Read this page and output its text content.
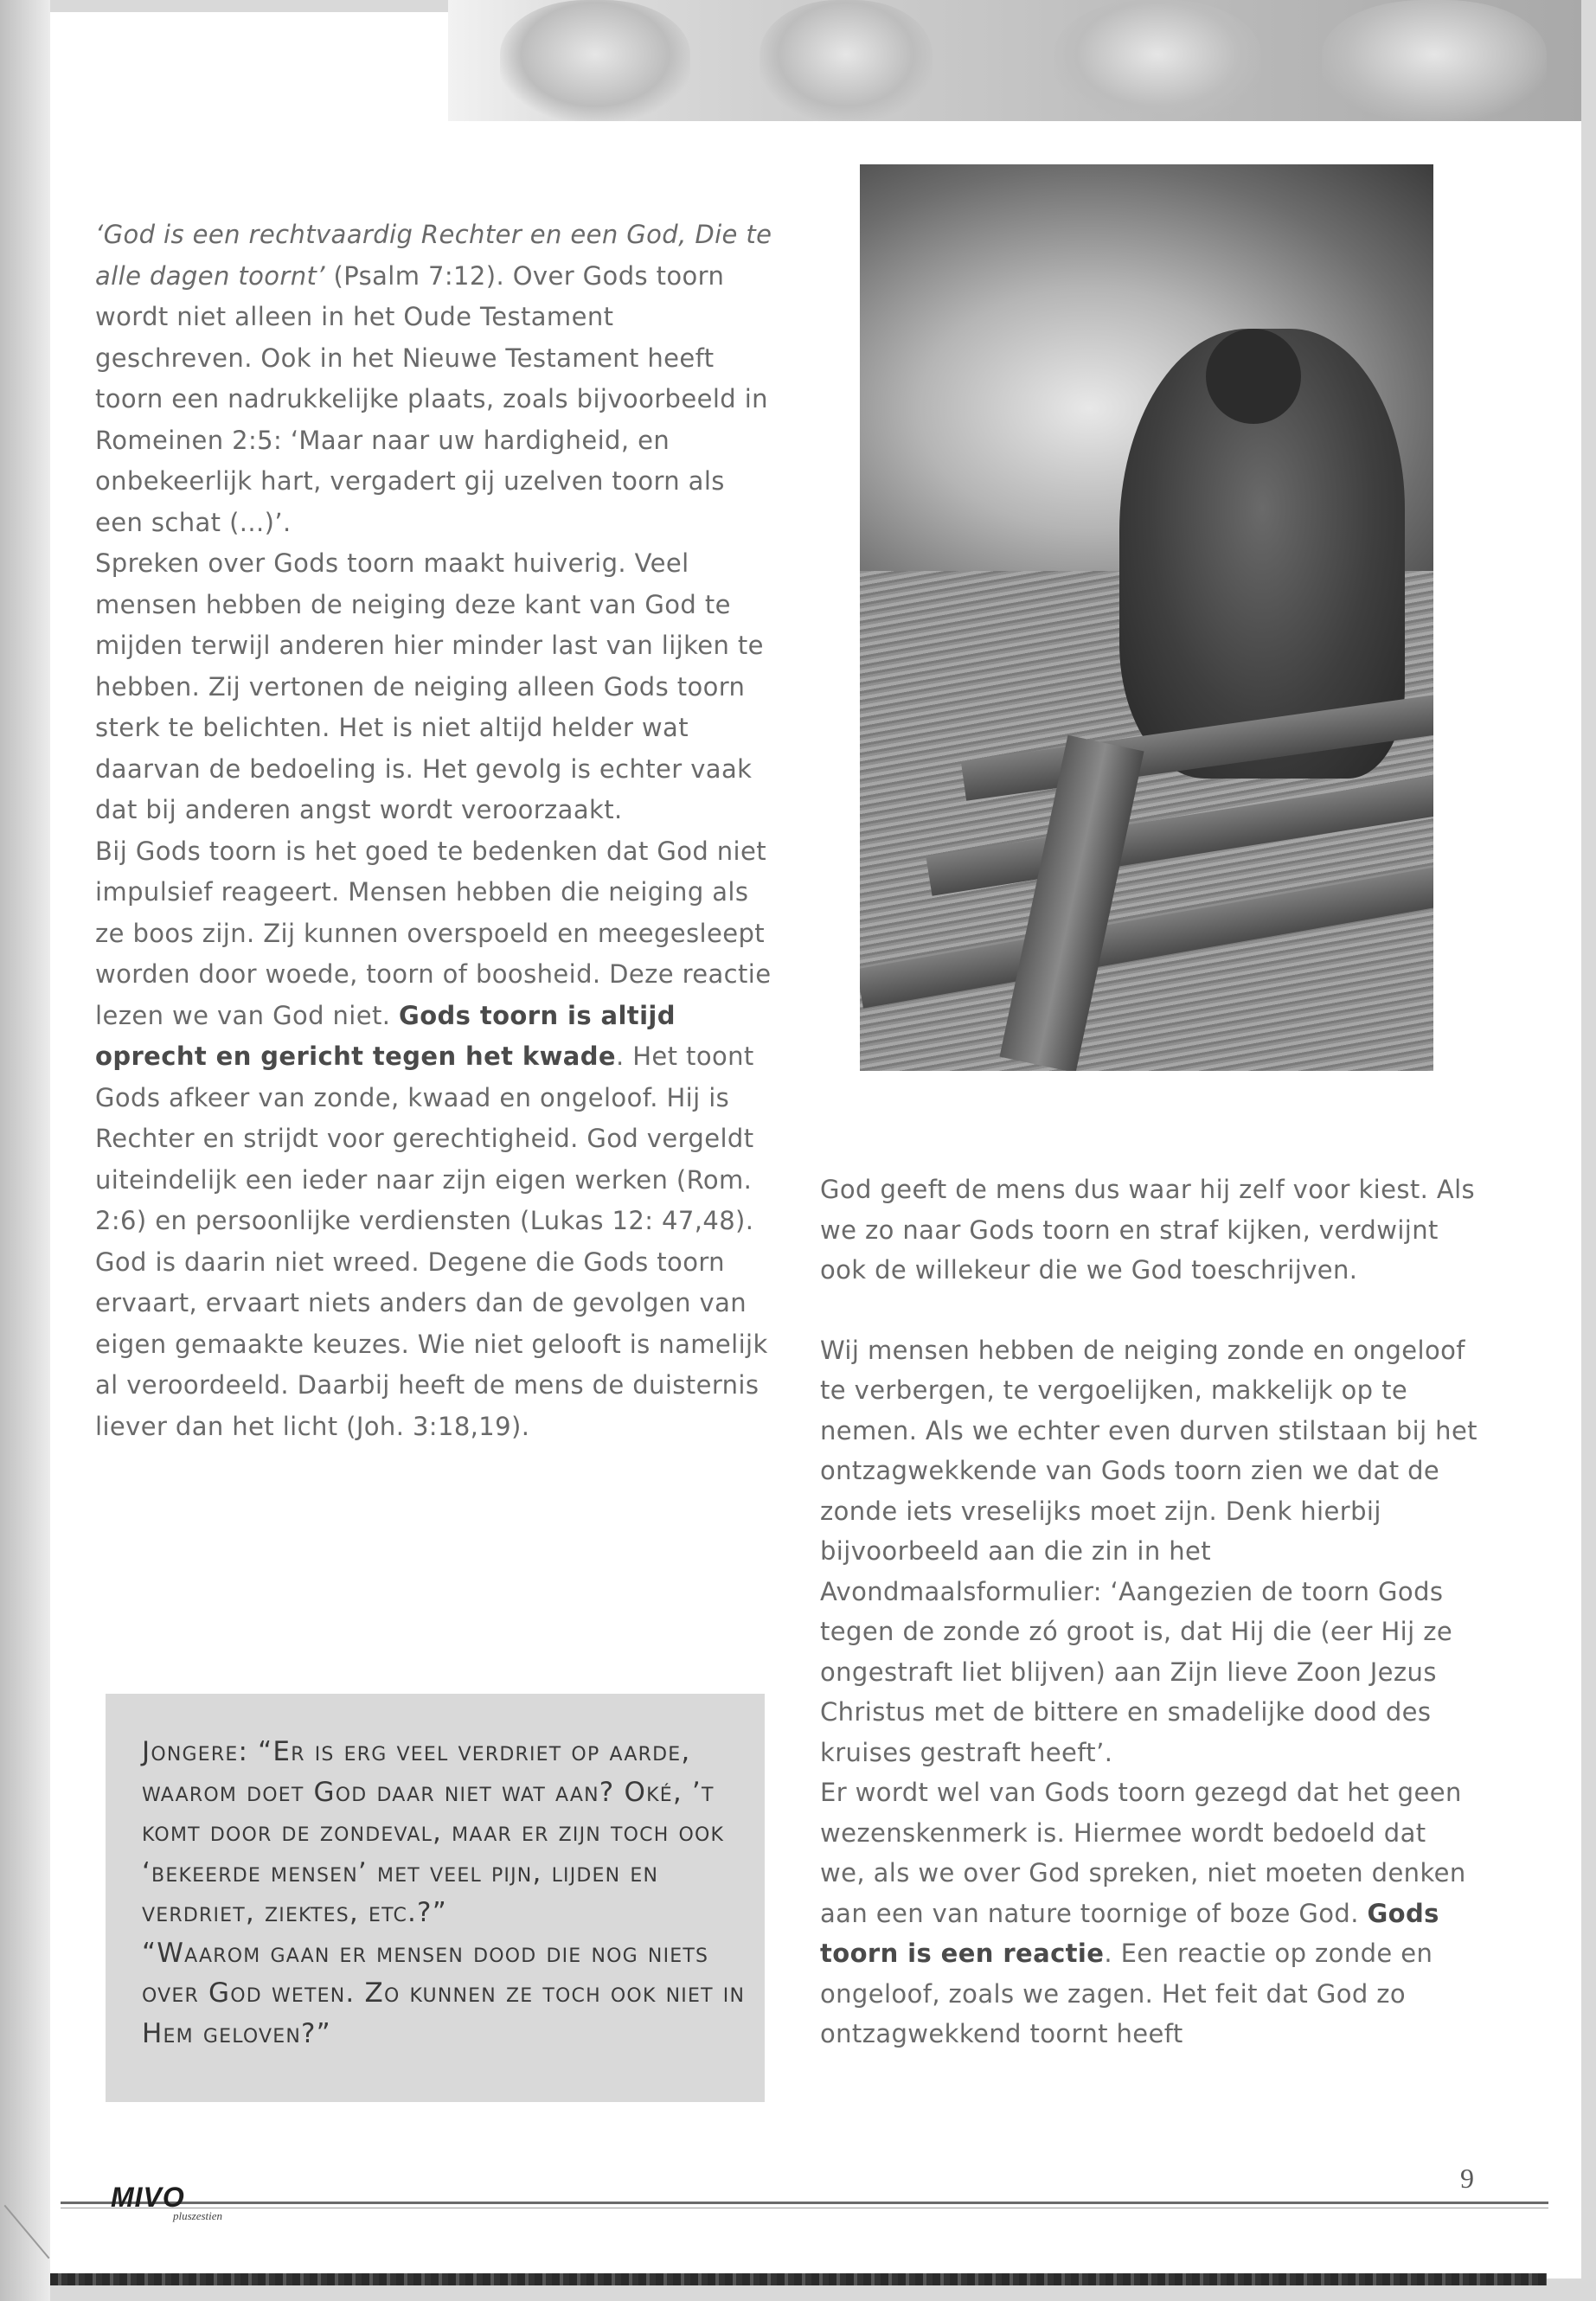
‘God is een rechtvaardig Rechter en een God, Die te alle dagen toornt’ (Psalm 7:12). Over Gods toorn wordt niet alleen in het Oude Testament geschreven. Ook in het Nieuwe Testament heeft toorn een nadrukkelijke plaats, zoals bijvoorbeeld in Romeinen 2:5: ‘Maar naar uw hardigheid, en onbekeerlijk hart, vergadert gij uzelven toorn als een schat (...)’.

Spreken over Gods toorn maakt huiverig. Veel mensen hebben de neiging deze kant van God te mijden terwijl anderen hier minder last van lijken te hebben. Zij vertonen de neiging alleen Gods toorn sterk te belichten. Het is niet altijd helder wat daarvan de bedoeling is. Het gevolg is echter vaak dat bij anderen angst wordt veroorzaakt.

Bij Gods toorn is het goed te bedenken dat God niet impulsief reageert. Mensen hebben die neiging als ze boos zijn. Zij kunnen overspoeld en meegesleept worden door woede, toorn of boosheid. Deze reactie lezen we van God niet. Gods toorn is altijd oprecht en gericht tegen het kwade. Het toont Gods afkeer van zonde, kwaad en ongeloof. Hij is Rechter en strijdt voor gerechtigheid. God vergeldt uiteindelijk een ieder naar zijn eigen werken (Rom. 2:6) en persoonlijke verdiensten (Lukas 12: 47,48). God is daarin niet wreed. Degene die Gods toorn ervaart, ervaart niets anders dan de gevolgen van eigen gemaakte keuzes. Wie niet gelooft is namelijk al veroordeeld. Daarbij heeft de mens de duisternis liever dan het licht (Joh. 3:18,19).

God geeft de mens dus waar hij zelf voor kiest. Als we zo naar Gods toorn en straf kijken, verdwijnt ook de willekeur die we God toeschrijven.

Wij mensen hebben de neiging zonde en ongeloof te verbergen, te vergoelijken, makkelijk op te nemen. Als we echter even durven stilstaan bij het ontzagwekkende van Gods toorn zien we dat de zonde iets vreselijks moet zijn. Denk hierbij bijvoorbeeld aan die zin in het Avondmaalsformulier: ‘Aangezien de toorn Gods tegen de zonde zó groot is, dat Hij die (eer Hij ze ongestraft liet blijven) aan Zijn lieve Zoon Jezus Christus met de bittere en smadelijke dood des kruises gestraft heeft’.

Er wordt wel van Gods toorn gezegd dat het geen wezenskenmerk is. Hiermee wordt bedoeld dat we, als we over God spreken, niet moeten denken aan een van nature toornige of boze God. Gods toorn is een reactie. Een reactie op zonde en ongeloof, zoals we zagen. Het feit dat God zo ontzagwekkend toornt heeft

Jongere: “Er is erg veel verdriet op aarde, waarom doet God daar niet wat aan? Oké, ’t komt door de zondeval, maar er zijn toch ook ‘bekeerde mensen’ met veel pijn, lijden en verdriet, ziektes, etc.?”

“Waarom gaan er mensen dood die nog niets over God weten. Zo kunnen ze toch ook niet in Hem geloven?”

MIVO
pluszestien
9
